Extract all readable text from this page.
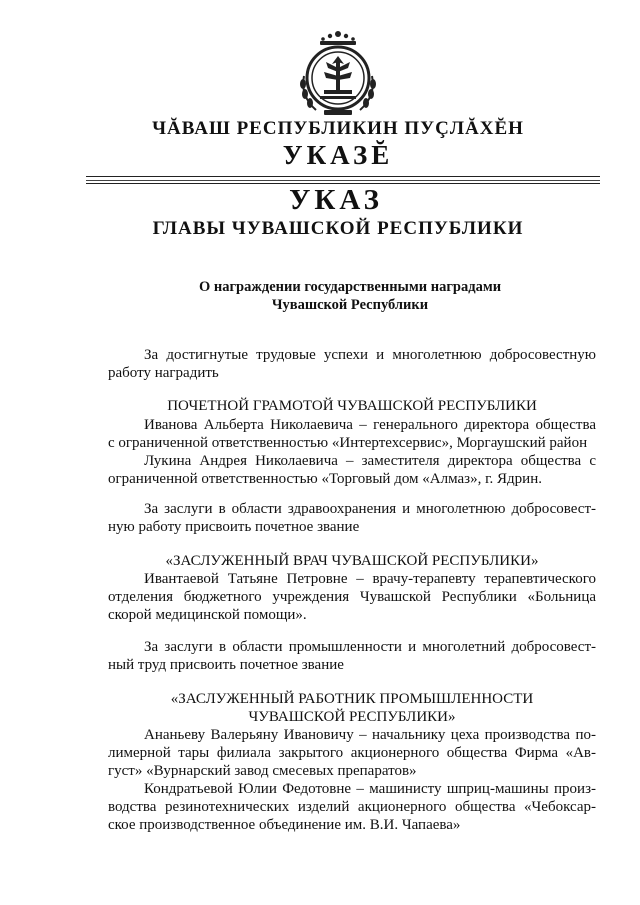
ЧĂВАШ РЕСПУБЛИКИН ПУÇЛĂХĔН
УКАЗĔ
УКАЗ
ГЛАВЫ ЧУВАШСКОЙ РЕСПУБЛИКИ
О награждении государственными наградами
Чувашской Республики
За достигнутые трудовые успехи и многолетнюю добросовестную
работу наградить
ПОЧЕТНОЙ ГРАМОТОЙ ЧУВАШСКОЙ РЕСПУБЛИКИ
Иванова Альберта Николаевича – генерального директора общества
с ограниченной ответственностью «Интертехсервис», Моргаушский район
Лукина Андрея Николаевича – заместителя директора общества с
ограниченной ответственностью «Торговый дом «Алмаз», г. Ядрин.
За заслуги в области здравоохранения и многолетнюю добросовест-
ную работу присвоить почетное звание
«ЗАСЛУЖЕННЫЙ ВРАЧ ЧУВАШСКОЙ РЕСПУБЛИКИ»
Ивантаевой Татьяне Петровне – врачу-терапевту терапевтического
отделения бюджетного учреждения Чувашской Республики «Больница
скорой медицинской помощи».
За заслуги в области промышленности и многолетний добросовест-
ный труд присвоить почетное звание
«ЗАСЛУЖЕННЫЙ РАБОТНИК ПРОМЫШЛЕННОСТИ
ЧУВАШСКОЙ РЕСПУБЛИКИ»
Ананьеву Валерьяну Ивановичу – начальнику цеха производства по-
лимерной тары филиала закрытого акционерного общества Фирма «Ав-
густ» «Вурнарский завод смесевых препаратов»
Кондратьевой Юлии Федотовне – машинисту шприц-машины произ-
водства резинотехнических изделий акционерного общества «Чебоксар-
ское производственное объединение им. В.И. Чапаева»
